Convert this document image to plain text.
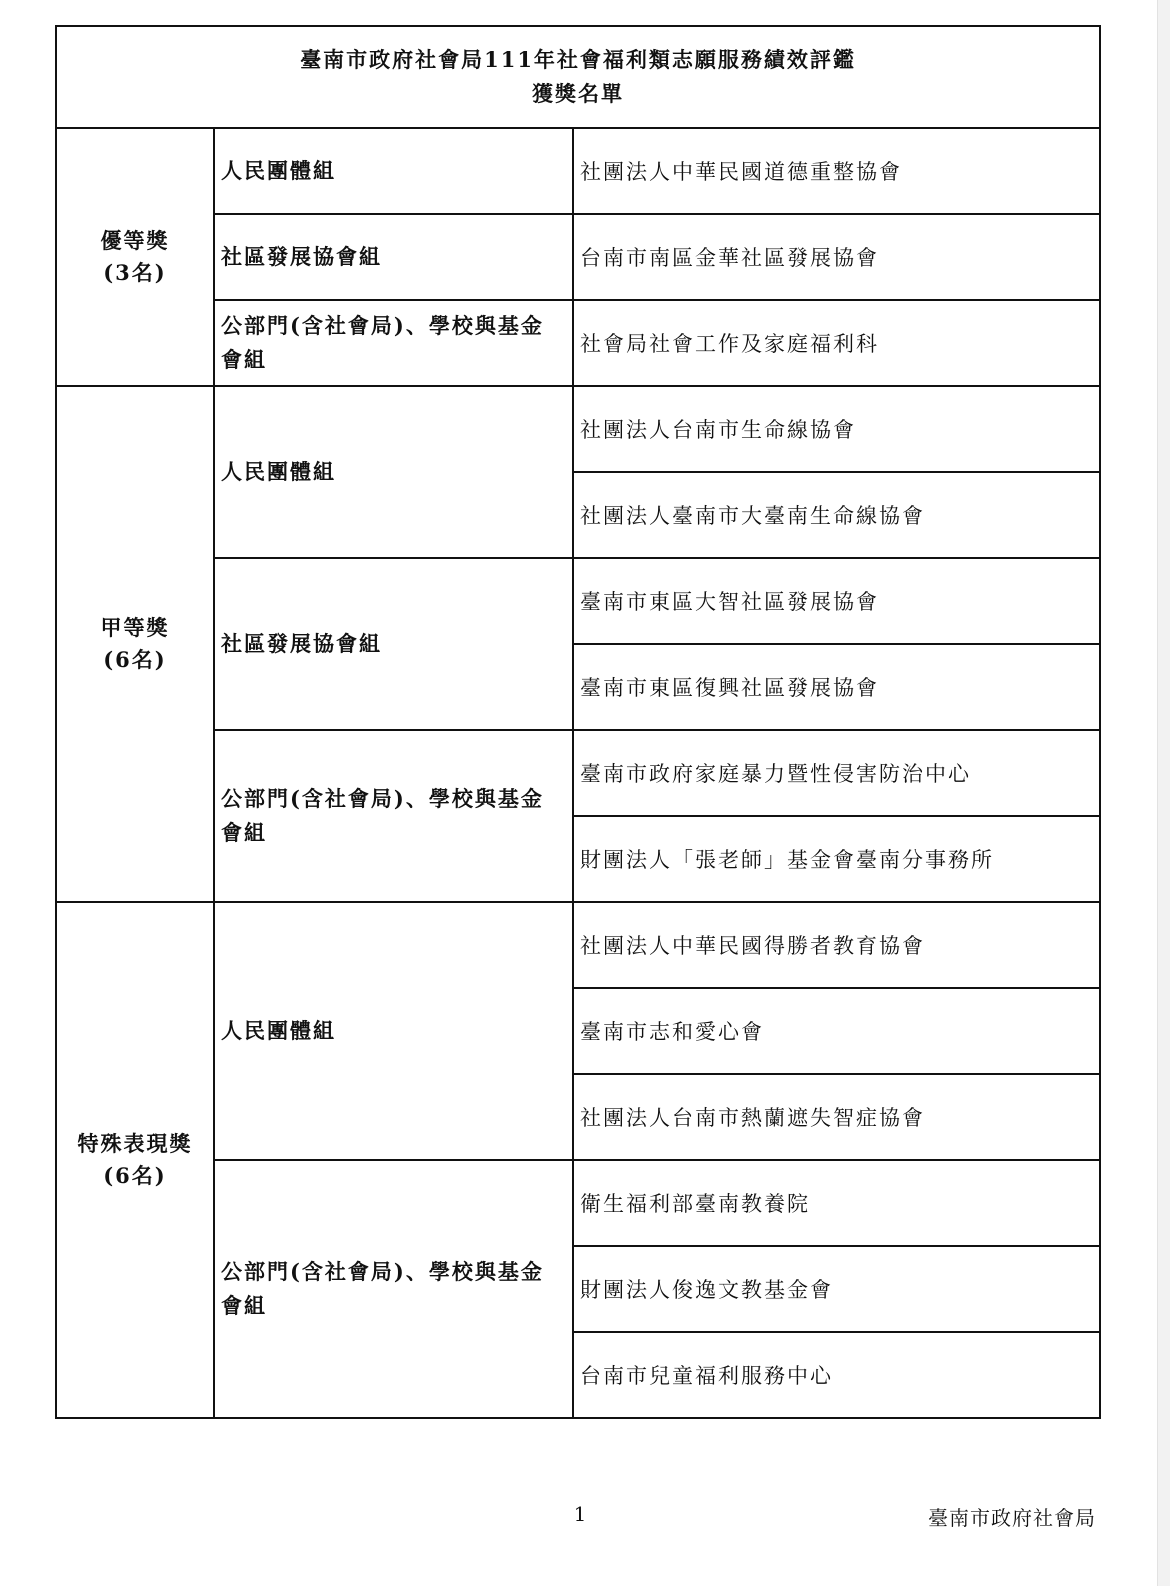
臺南市政府社會局111年社會福利類志願服務績效評鑑
獲獎名單		

優等獎
(3名)	人民團體組	社團法人中華民國道德重整協會
	社區發展協會組	台南市南區金華社區發展協會
	公部門(含社會局)、學校與基金會組	社會局社會工作及家庭福利科

甲等獎
(6名)	人民團體組	社團法人台南市生命線協會
		社團法人臺南市大臺南生命線協會
	社區發展協會組	臺南市東區大智社區發展協會
		臺南市東區復興社區發展協會
	公部門(含社會局)、學校與基金會組	臺南市政府家庭暴力暨性侵害防治中心
		財團法人「張老師」基金會臺南分事務所

特殊表現獎
(6名)	人民團體組	社團法人中華民國得勝者教育協會
		臺南市志和愛心會
		社團法人台南市熱蘭遮失智症協會
	公部門(含社會局)、學校與基金會組	衛生福利部臺南教養院
		財團法人俊逸文教基金會
		台南市兒童福利服務中心
1	臺南市政府社會局
